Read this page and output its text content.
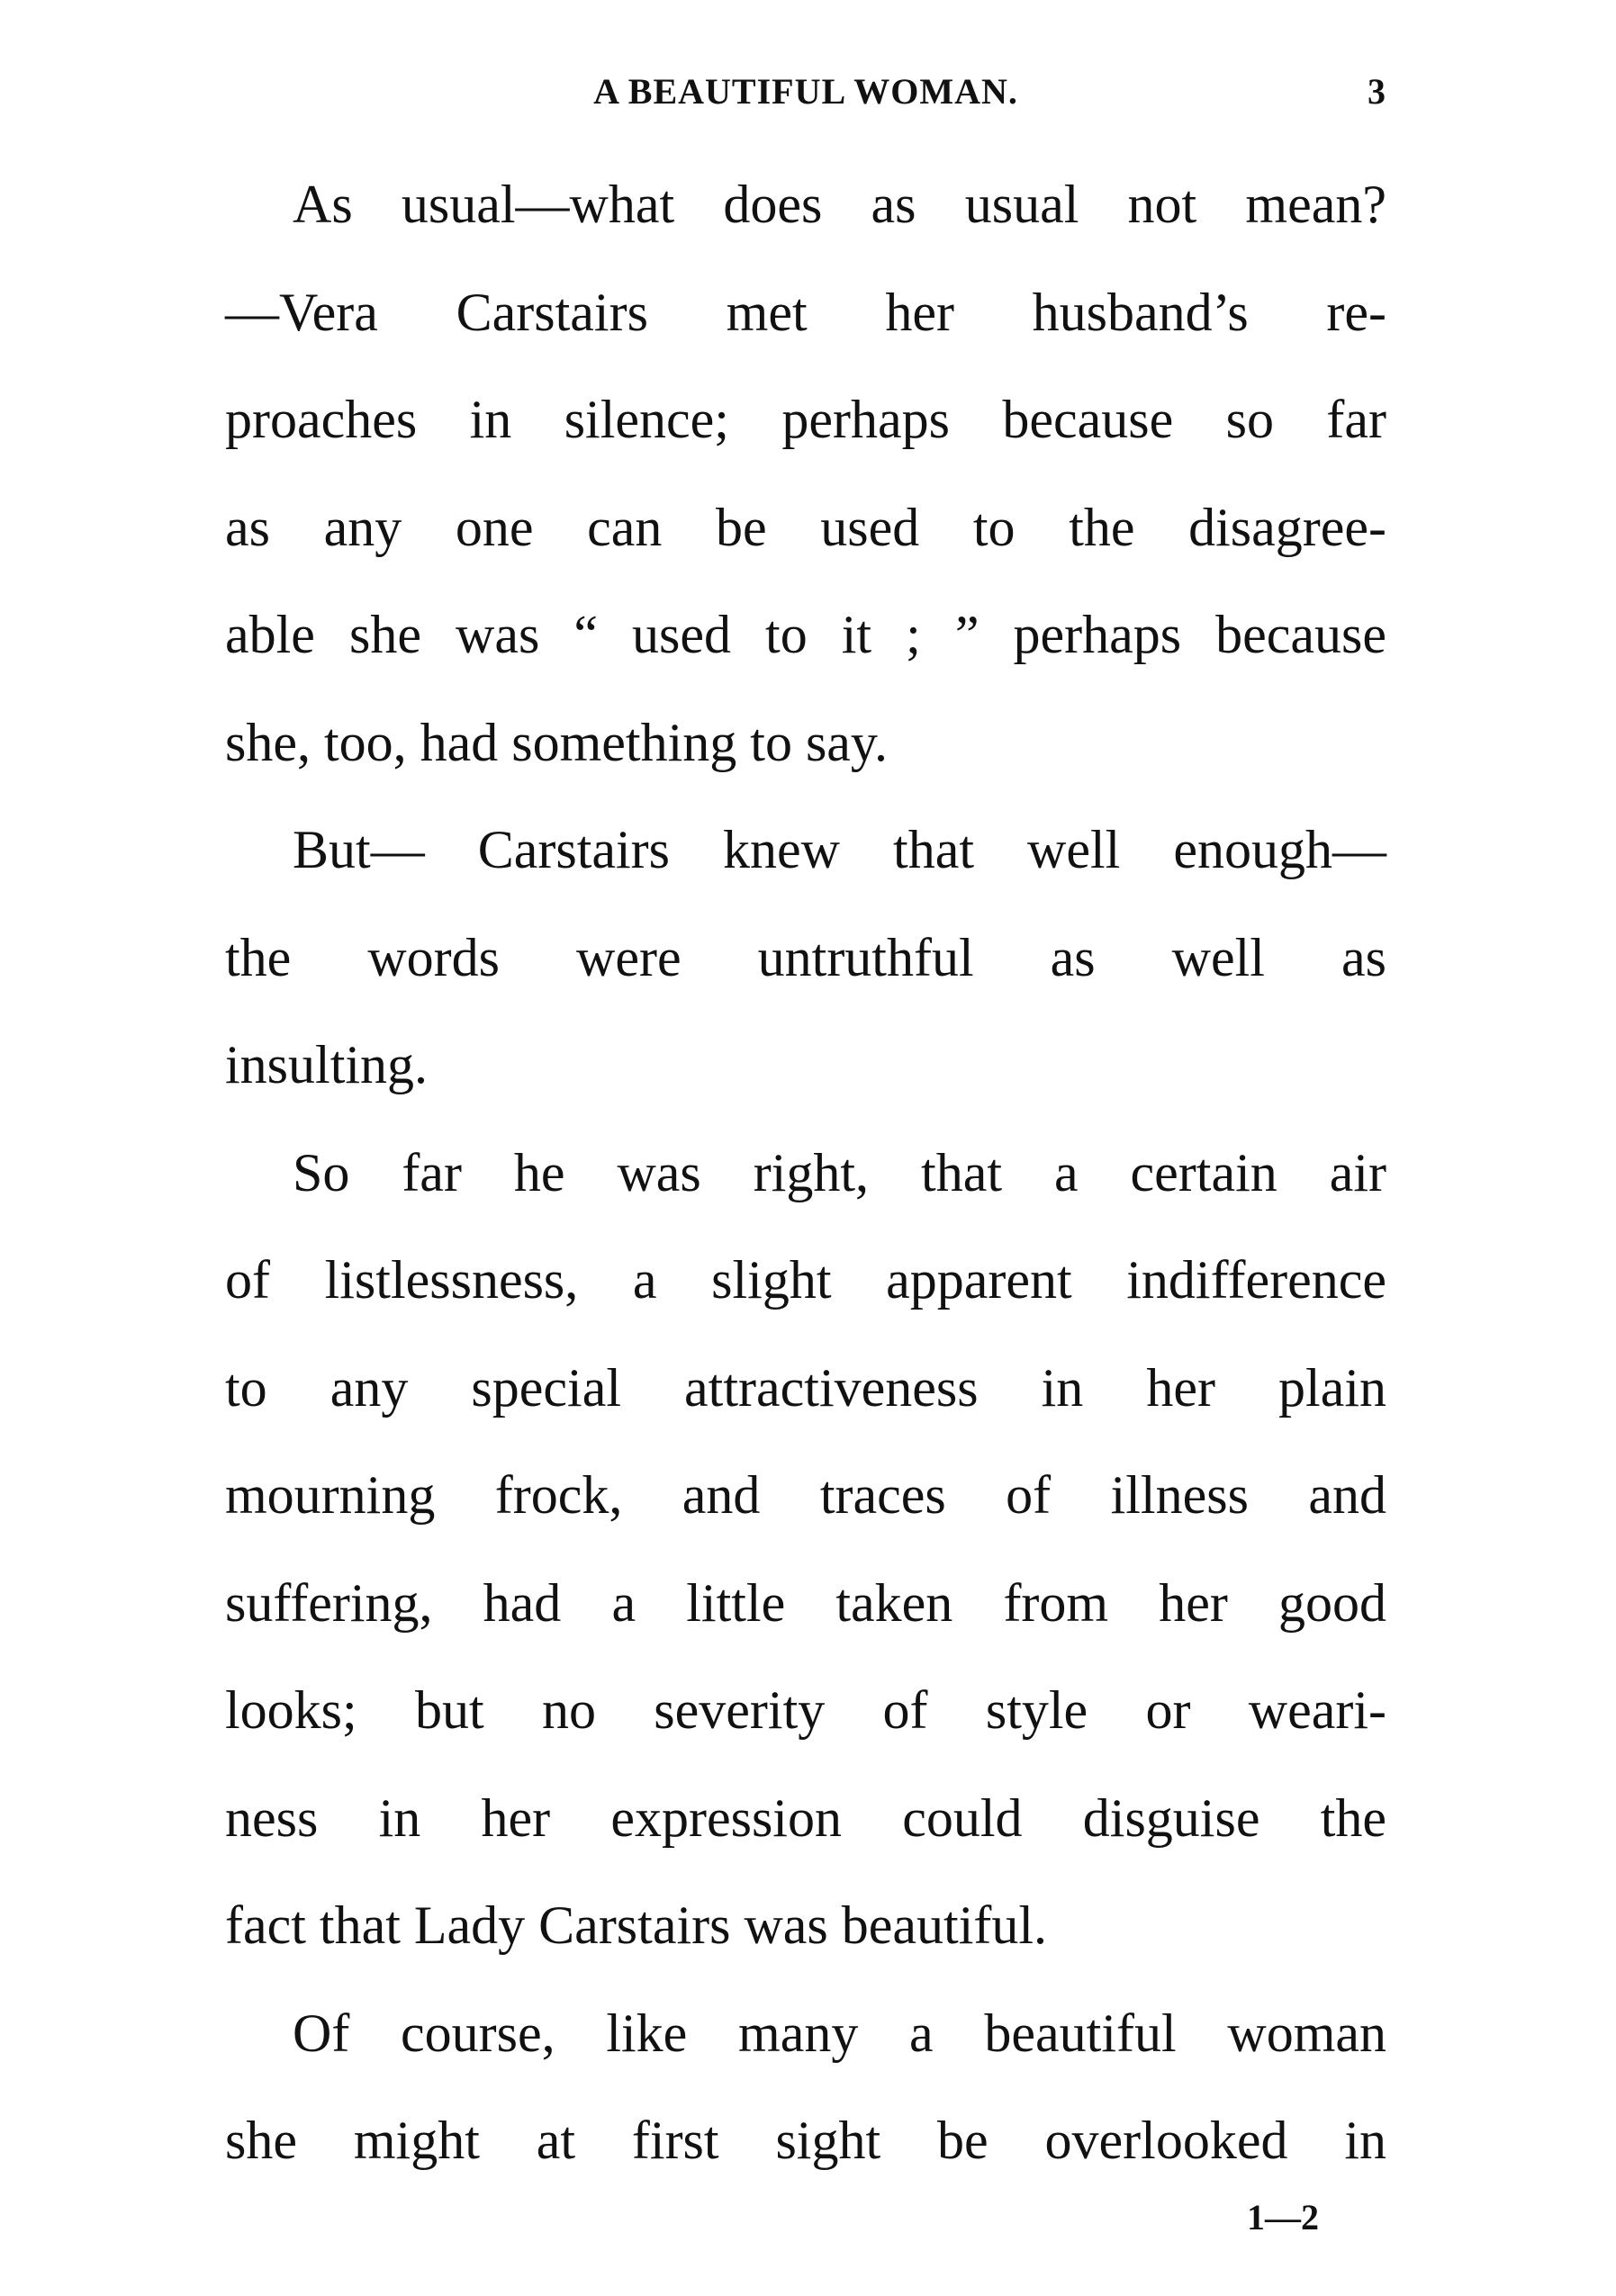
A BEAUTIFUL WOMAN.	3
As usual—what does as usual not mean?
—Vera Carstairs met her husband’s re-
proaches in silence; perhaps because so far
as any one can be used to the disagree-
able she was “ used to it ; ” perhaps because
she, too, had something to say.
But— Carstairs knew that well enough—
the words were untruthful as well as
insulting.
So far he was right, that a certain air
of listlessness, a slight apparent indifference
to any special attractiveness in her plain
mourning frock, and traces of illness and
suffering, had a little taken from her good
looks; but no severity of style or weari-
ness in her expression could disguise the
fact that Lady Carstairs was beautiful.
Of course, like many a beautiful woman
she might at first sight be overlooked in
1—2
